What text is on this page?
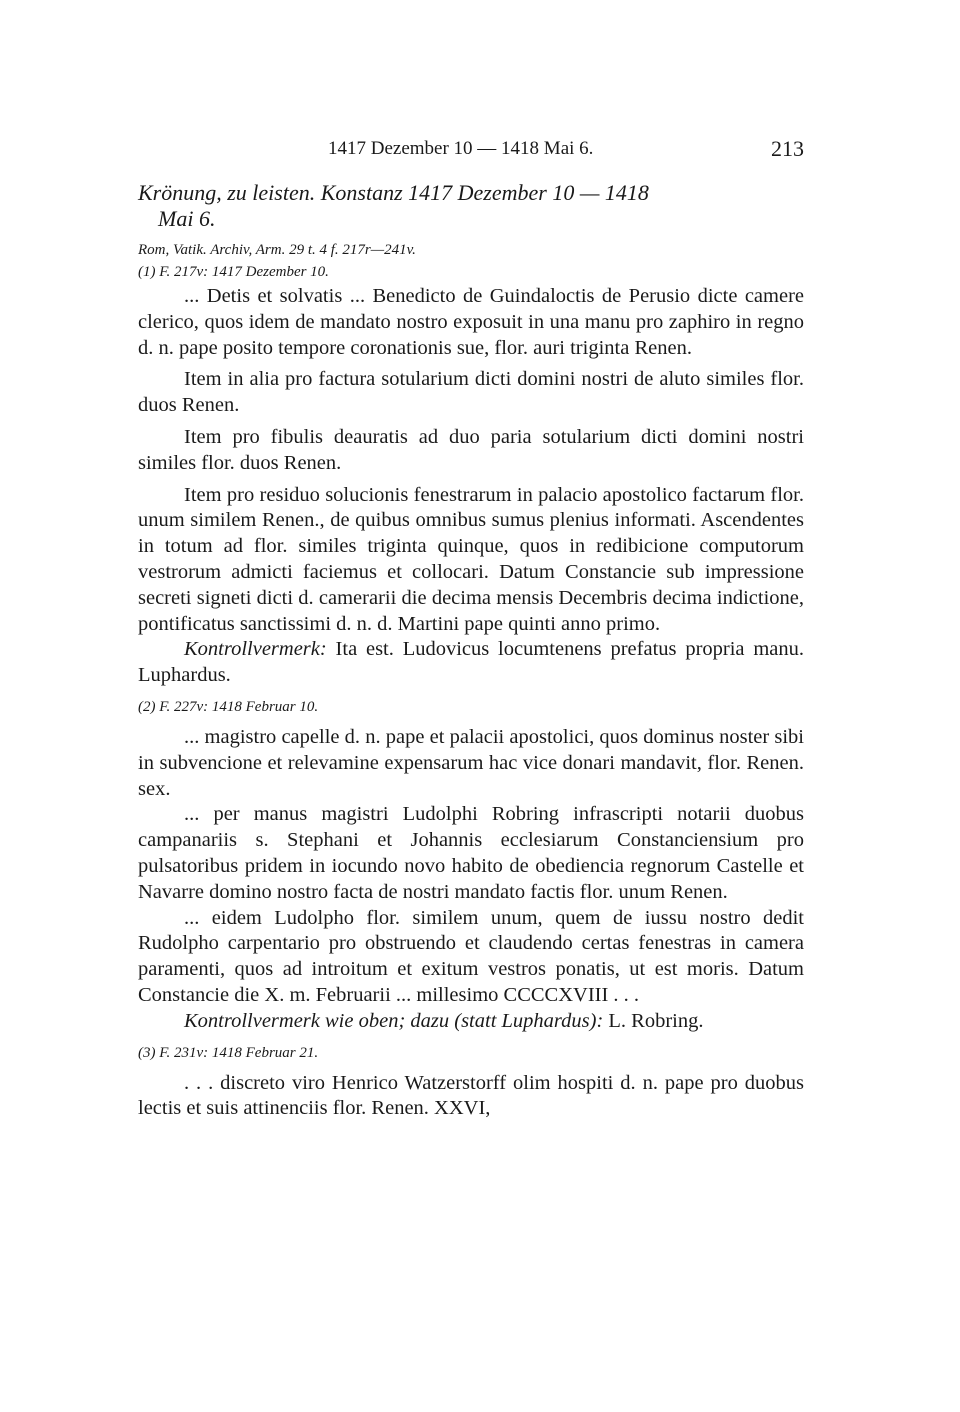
1417 Dezember 10 — 1418 Mai 6.	213
Krönung, zu leisten. Konstanz 1417 Dezember 10 — 1418
Mai 6.

Rom, Vatik. Archiv, Arm. 29 t. 4 f. 217r—241v.

(1) F. 217v: 1417 Dezember 10.

... Detis et solvatis ... Benedicto de Guindaloctis de Perusio dicte camere clerico, quos idem de mandato nostro exposuit in una manu pro zaphiro in regno d. n. pape posito tempore coronationis sue, flor. auri triginta Renen.

Item in alia pro factura sotularium dicti domini nostri de aluto similes flor. duos Renen.

Item pro fibulis deauratis ad duo paria sotularium dicti domini nostri similes flor. duos Renen.

Item pro residuo solucionis fenestrarum in palacio apostolico factarum flor. unum similem Renen., de quibus omnibus sumus plenius informati. Ascendentes in totum ad flor. similes triginta quinque, quos in redibicione computorum vestrorum admicti faciemus et collocari. Datum Constancie sub impressione secreti signeti dicti d. camerarii die decima mensis Decembris decima indictione, pontificatus sanctissimi d. n. d. Martini pape quinti anno primo.

Kontrollvermerk: Ita est. Ludovicus locumtenens prefatus propria manu. Luphardus.

(2) F. 227v: 1418 Februar 10.

... magistro capelle d. n. pape et palacii apostolici, quos dominus noster sibi in subvencione et relevamine expensarum hac vice donari mandavit, flor. Renen. sex.

... per manus magistri Ludolphi Robring infrascripti notarii duobus campanariis s. Stephani et Johannis ecclesiarum Constanciensium pro pulsatoribus pridem in iocundo novo habito de obediencia regnorum Castelle et Navarre domino nostro facta de nostri mandato factis flor. unum Renen.

... eidem Ludolpho flor. similem unum, quem de iussu nostro dedit Rudolpho carpentario pro obstruendo et claudendo certas fenestras in camera paramenti, quos ad introitum et exitum vestros ponatis, ut est moris. Datum Constancie die X. m. Februarii ... millesimo CCCCXVIII . . .

Kontrollvermerk wie oben; dazu (statt Luphardus): L. Robring.

(3) F. 231v: 1418 Februar 21.

. . . discreto viro Henrico Watzerstorff olim hospiti d. n. pape pro duobus lectis et suis attinenciis flor. Renen. XXVI,
